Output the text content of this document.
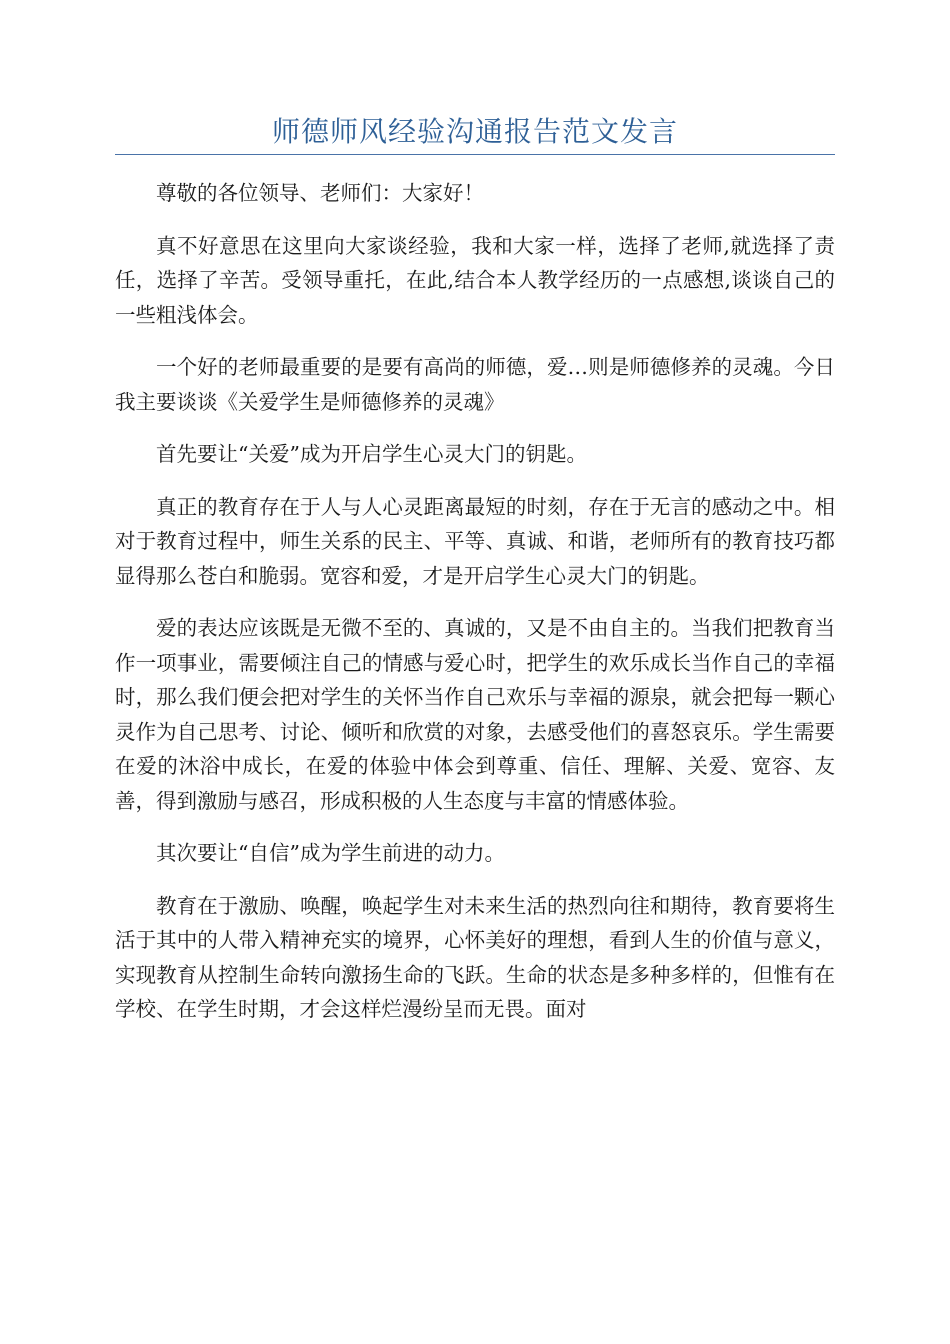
师德师风经验沟通报告范文发言

尊敬的各位领导、老师们：大家好！

真不好意思在这里向大家谈经验，我和大家一样，选择了老师,就选择了责任，选择了辛苦。受领导重托，在此,结合本人教学经历的一点感想,谈谈自己的一些粗浅体会。

一个好的老师最重要的是要有高尚的师德，爱…则是师德修养的灵魂。今日我主要谈谈《关爱学生是师德修养的灵魂》

首先要让“关爱”成为开启学生心灵大门的钥匙。

真正的教育存在于人与人心灵距离最短的时刻，存在于无言的感动之中。相对于教育过程中，师生关系的民主、平等、真诚、和谐，老师所有的教育技巧都显得那么苍白和脆弱。宽容和爱，才是开启学生心灵大门的钥匙。

爱的表达应该既是无微不至的、真诚的，又是不由自主的。当我们把教育当作一项事业，需要倾注自己的情感与爱心时，把学生的欢乐成长当作自己的幸福时，那么我们便会把对学生的关怀当作自己欢乐与幸福的源泉，就会把每一颗心灵作为自己思考、讨论、倾听和欣赏的对象，去感受他们的喜怒哀乐。学生需要在爱的沐浴中成长，在爱的体验中体会到尊重、信任、理解、关爱、宽容、友善，得到激励与感召，形成积极的人生态度与丰富的情感体验。

其次要让“自信”成为学生前进的动力。

教育在于激励、唤醒，唤起学生对未来生活的热烈向往和期待，教育要将生活于其中的人带入精神充实的境界，心怀美好的理想，看到人生的价值与意义，实现教育从控制生命转向激扬生命的飞跃。生命的状态是多种多样的，但惟有在学校、在学生时期，才会这样烂漫纷呈而无畏。面对
